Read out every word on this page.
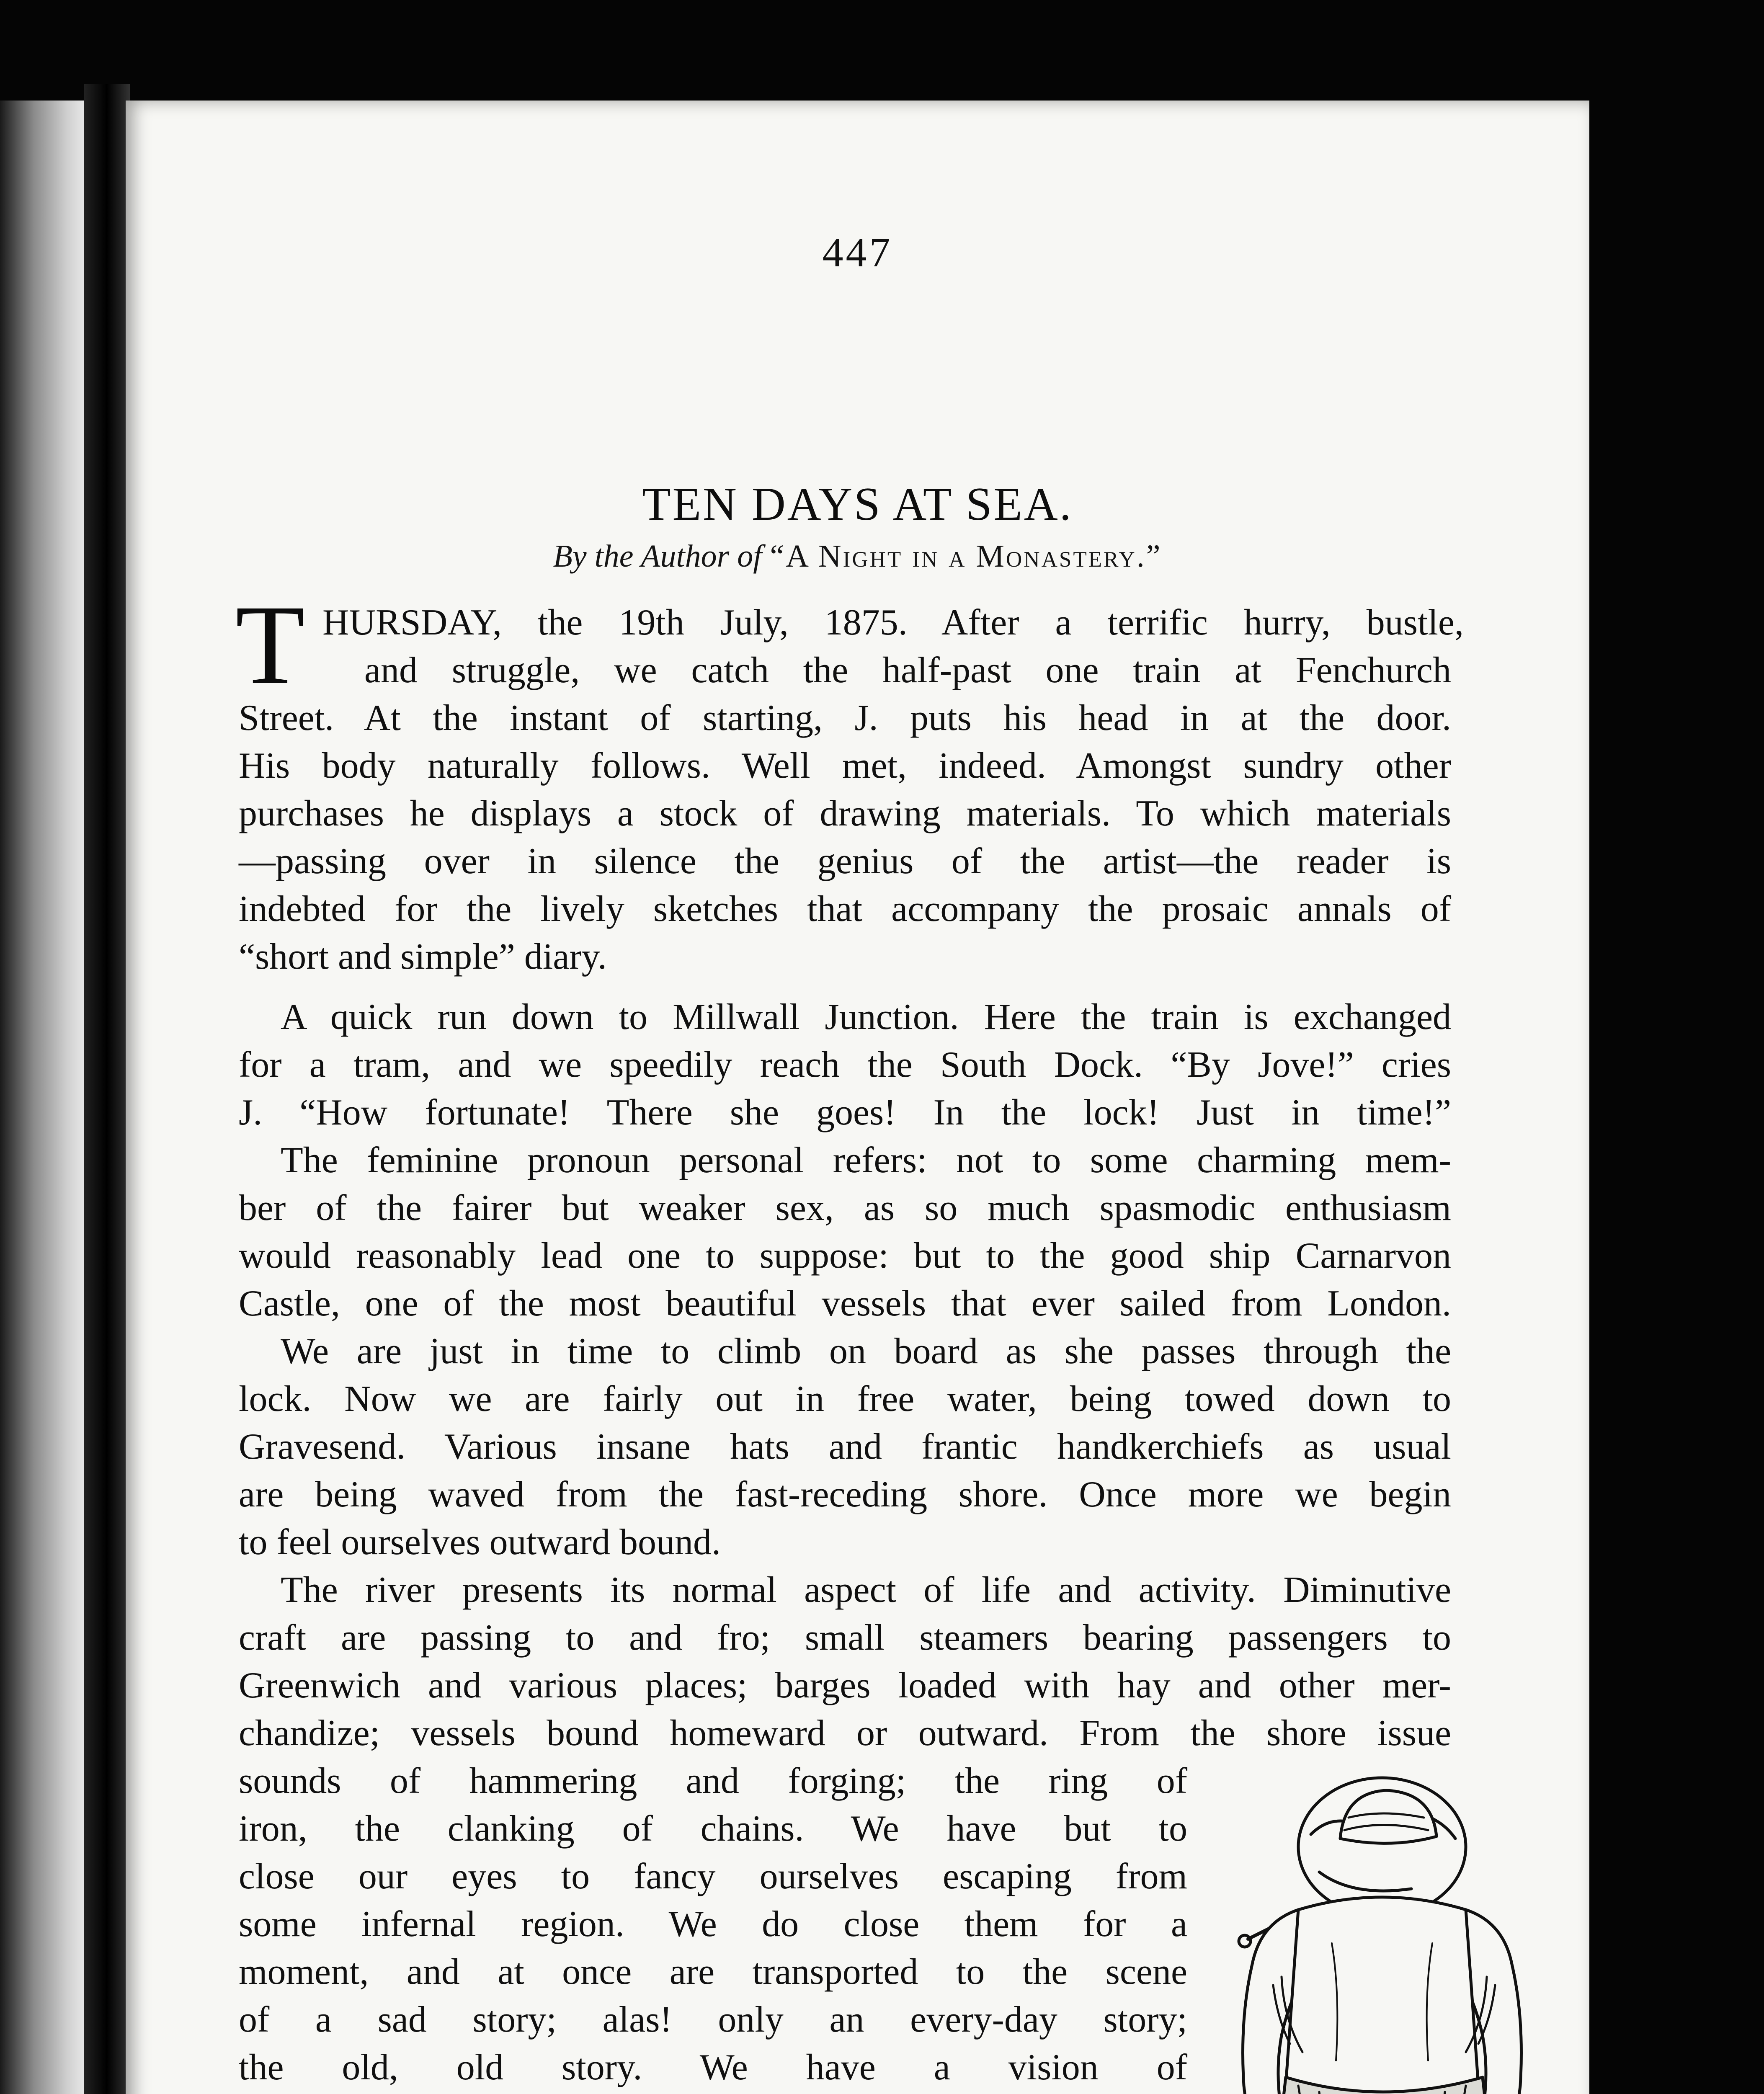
447
TEN DAYS AT SEA.
By the Author of “A Night in a Monastery.”
T HURSDAY, the 19th July, 1875. After a terrific hurry, bustle,
and struggle, we catch the half-past one train at Fenchurch
Street. At the instant of starting, J. puts his head in at the door.
His body naturally follows. Well met, indeed. Amongst sundry other
purchases he displays a stock of drawing materials. To which materials
—passing over in silence the genius of the artist—the reader is
indebted for the lively sketches that accompany the prosaic annals of
“short and simple” diary.
A quick run down to Millwall Junction. Here the train is exchanged
for a tram, and we speedily reach the South Dock. “By Jove!” cries
J. “How fortunate! There she goes! In the lock! Just in time!”
The feminine pronoun personal refers: not to some charming mem-
ber of the fairer but weaker sex, as so much spasmodic enthusiasm
would reasonably lead one to suppose: but to the good ship Carnarvon
Castle, one of the most beautiful vessels that ever sailed from London.
We are just in time to climb on board as she passes through the
lock. Now we are fairly out in free water, being towed down to
Gravesend. Various insane hats and frantic handkerchiefs as usual
are being waved from the fast-receding shore. Once more we begin
to feel ourselves outward bound.
The river presents its normal aspect of life and activity. Diminutive
craft are passing to and fro; small steamers bearing passengers to
Greenwich and various places; barges loaded with hay and other mer-
chandize; vessels bound homeward or outward. From the shore issue
sounds of hammering and forging; the ring of
iron, the clanking of chains. We have but to
close our eyes to fancy ourselves escaping from
some infernal region. We do close them for a
moment, and at once are transported to the scene
of a sad story; alas! only an every-day story;
the old, old story. We have a vision of
